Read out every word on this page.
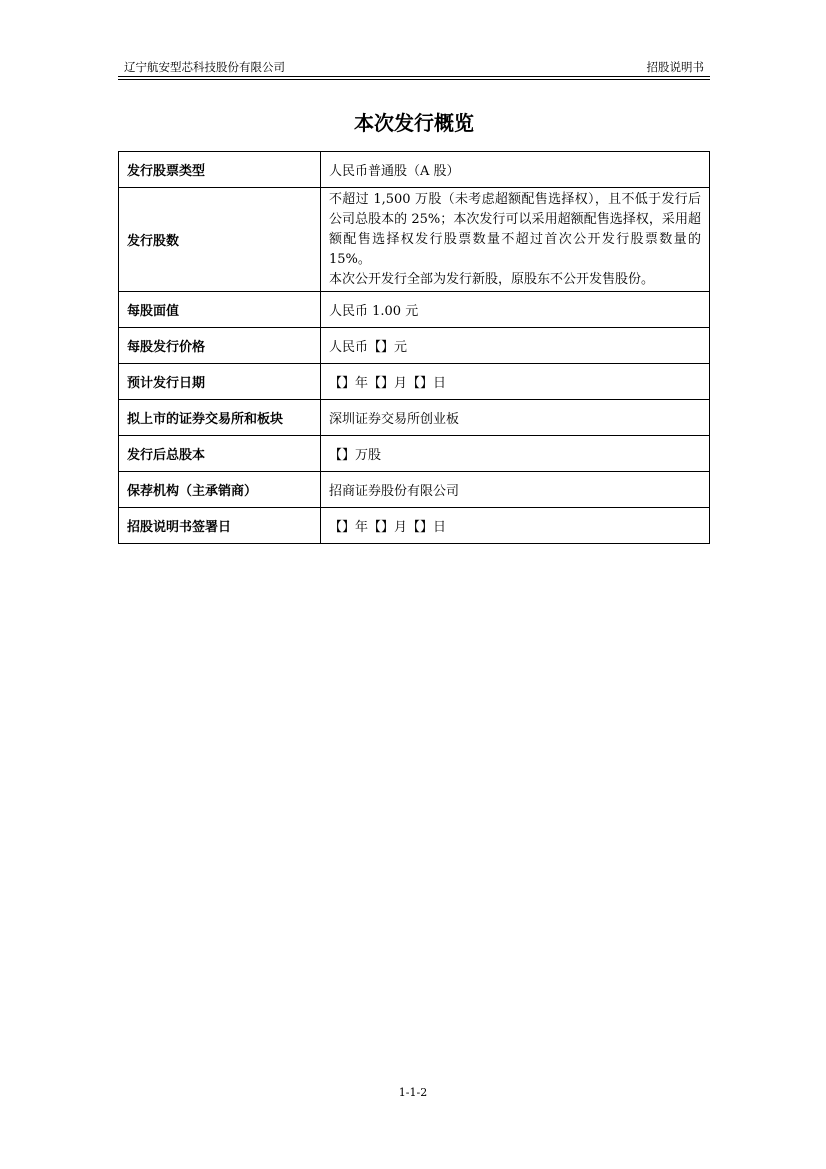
辽宁航安型芯科技股份有限公司	招股说明书
本次发行概览
发行股票类型	人民币普通股（A 股）
发行股数	不超过 1,500 万股（未考虑超额配售选择权），且不低于发行后公司总股本的 25%；本次发行可以采用超额配售选择权，采用超额配售选择权发行股票数量不超过首次公开发行股票数量的 15%。
本次公开发行全部为发行新股，原股东不公开发售股份。

每股面值	人民币 1.00 元
每股发行价格	人民币【】元
预计发行日期	【】年【】月【】日
拟上市的证券交易所和板块	深圳证券交易所创业板
发行后总股本	【】万股
保荐机构（主承销商）	招商证券股份有限公司
招股说明书签署日	【】年【】月【】日
1-1-2
